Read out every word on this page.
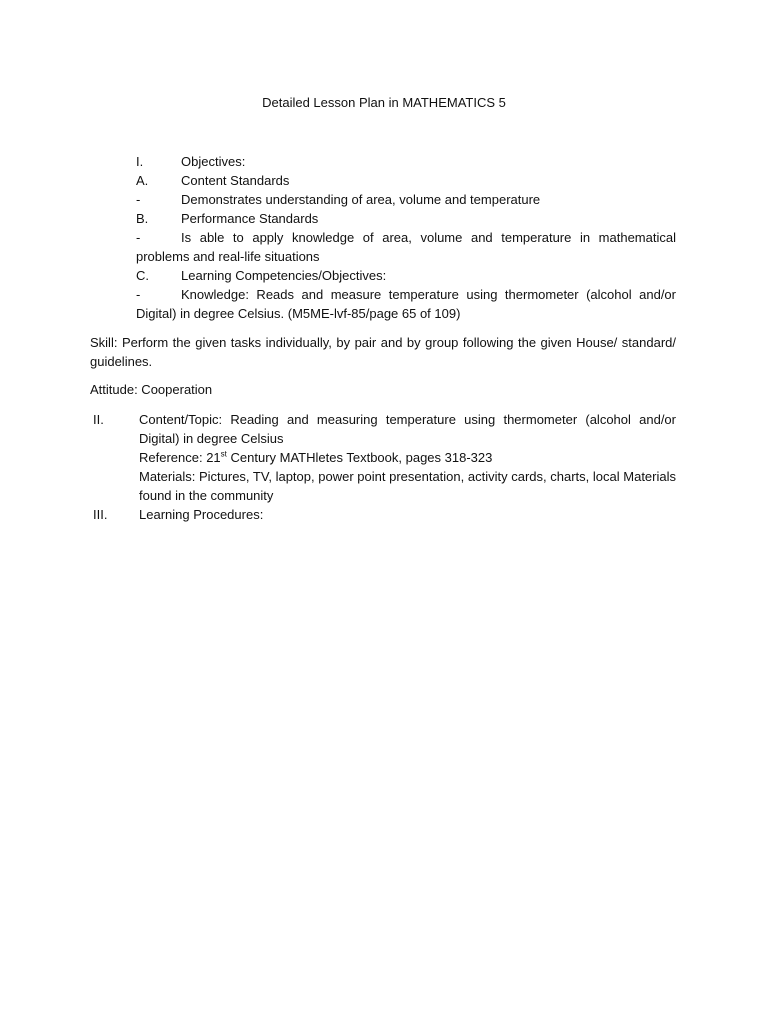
Detailed Lesson Plan in MATHEMATICS 5
I.	Objectives:
A.	Content Standards
-	Demonstrates understanding of area, volume and temperature
B.	Performance Standards
-	Is able to apply knowledge of area, volume and temperature in mathematical problems and real-life situations
C. Learning Competencies/Objectives:
-	Knowledge: Reads and measure temperature using thermometer (alcohol and/or Digital) in degree Celsius. (M5ME-lvf-85/page 65 of 109)
Skill: Perform the given tasks individually, by pair and by group following the given House/ standard/ guidelines.
Attitude: Cooperation
II.	Content/Topic: Reading and measuring temperature using thermometer (alcohol and/or Digital) in degree Celsius
Reference: 21st Century MATHletes Textbook, pages 318-323
Materials: Pictures, TV, laptop, power point presentation, activity cards, charts, local Materials found in the community
III. Learning Procedures:
